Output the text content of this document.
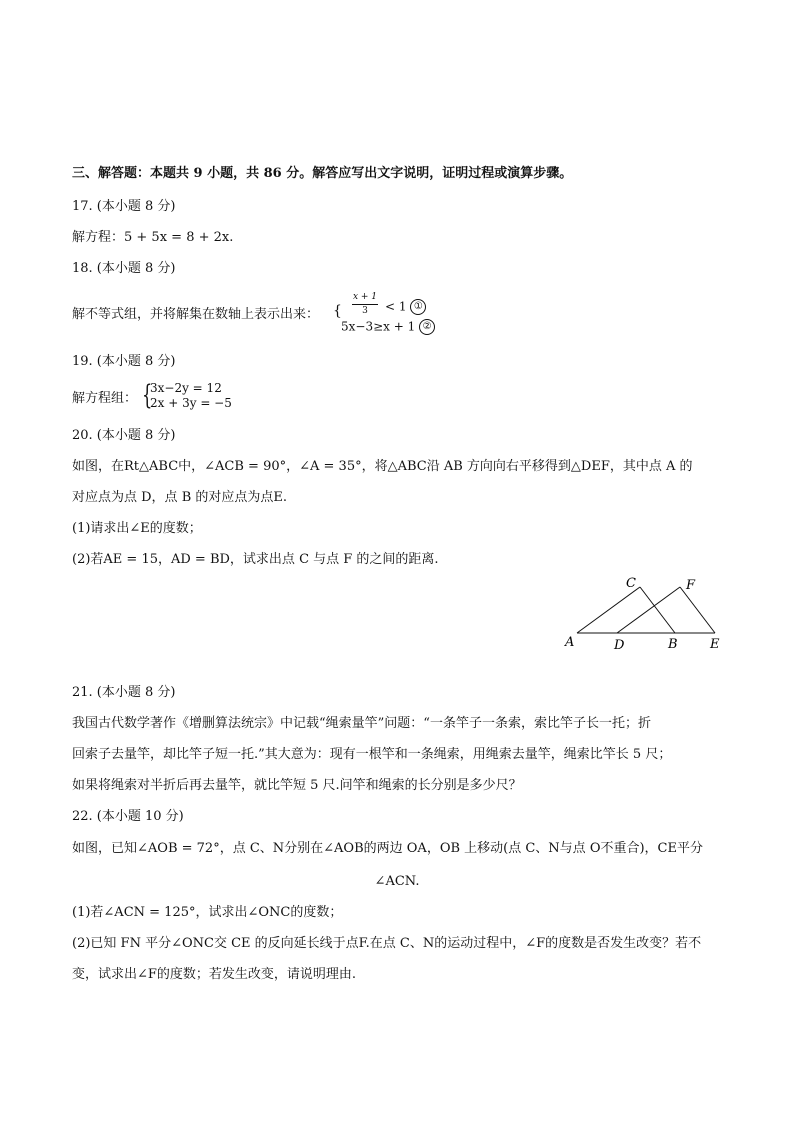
三、解答题：本题共 9 小题，共 86 分。解答应写出文字说明，证明过程或演算步骤。
17. (本小题 8 分)
解方程：5 + 5x = 8 + 2x.
18. (本小题 8 分)
解不等式组，并将解集在数轴上表示出来： {
x + 1
3	< 1 ①
5x−3≥x + 1 ②
19. (本小题 8 分)
解方程组： {
3x−2y = 12
2x + 3y = −5
20. (本小题 8 分)
如图，在Rt△ABC中，∠ACB = 90°，∠A = 35°，将△ABC沿 AB 方向向右平移得到△DEF，其中点 A 的
对应点为点 D，点 B 的对应点为点E.
(1)请求出∠E的度数；
(2)若AE = 15，AD = BD，试求出点 C 与点 F 的之间的距离.
C	F
A	D	B E
21. (本小题 8 分)
我国古代数学著作《增删算法统宗》中记载“绳索量竿”问题：“一条竿子一条索，索比竿子长一托；折
回索子去量竿，却比竿子短一托.”其大意为：现有一根竿和一条绳索，用绳索去量竿，绳索比竿长 5 尺；
如果将绳索对半折后再去量竿，就比竿短 5 尺.问竿和绳索的长分别是多少尺？
22. (本小题 10 分)
如图，已知∠AOB = 72°，点 C、N分别在∠AOB的两边 OA，OB 上移动(点 C、N与点 O不重合)，CE平分
∠ACN.
(1)若∠ACN = 125°，试求出∠ONC的度数；
(2)已知 FN 平分∠ONC交 CE 的反向延长线于点F.在点 C、N的运动过程中，∠F的度数是否发生改变？若不
变，试求出∠F的度数；若发生改变，请说明理由.
